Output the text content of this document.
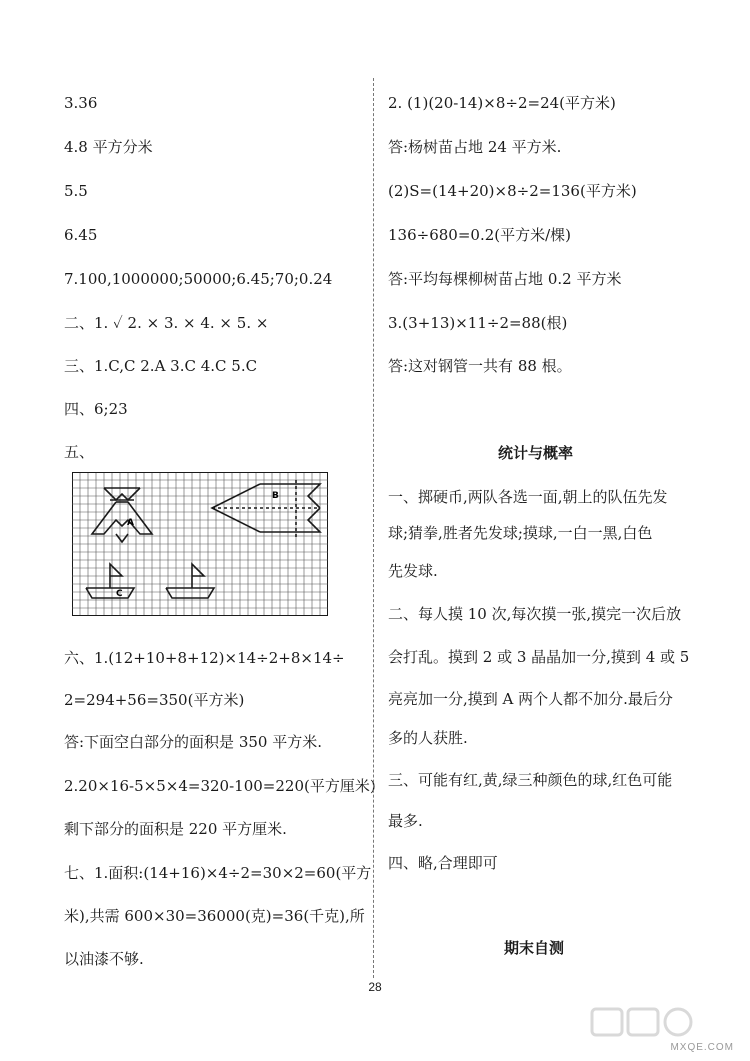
3.36
4.8 平方分米
5.5
6.45
7.100,1000000;50000;6.45;70;0.24
二、1. ✓ 2. × 3. × 4. × 5. ×
三、1.C,C 2.A 3.C 4.C 5.C
四、6;23
五、
A
B
C
六、1.(12+10+8+12)×14÷2+8×14÷
2=294+56=350(平方米)
答:下面空白部分的面积是 350 平方米.
2.20×16-5×5×4=320-100=220(平方厘米)
剩下部分的面积是 220 平方厘米.
七、1.面积:(14+16)×4÷2=30×2=60(平方
米),共需 600×30=36000(克)=36(千克),所
以油漆不够.
2. (1)(20-14)×8÷2=24(平方米)
答:杨树苗占地 24 平方米.
(2)S=(14+20)×8÷2=136(平方米)
136÷680=0.2(平方米/棵)
答:平均每棵柳树苗占地 0.2 平方米
3.(3+13)×11÷2=88(根)
答:这对钢管一共有 88 根。
统计与概率
一、掷硬币,两队各选一面,朝上的队伍先发
球;猜拳,胜者先发球;摸球,一白一黑,白色
先发球.
二、每人摸 10 次,每次摸一张,摸完一次后放
会打乱。摸到 2 或 3 晶晶加一分,摸到 4 或 5
亮亮加一分,摸到 A 两个人都不加分.最后分
多的人获胜.
三、可能有红,黄,绿三种颜色的球,红色可能
最多.
四、略,合理即可
期末自测
28
MXQE.COM
